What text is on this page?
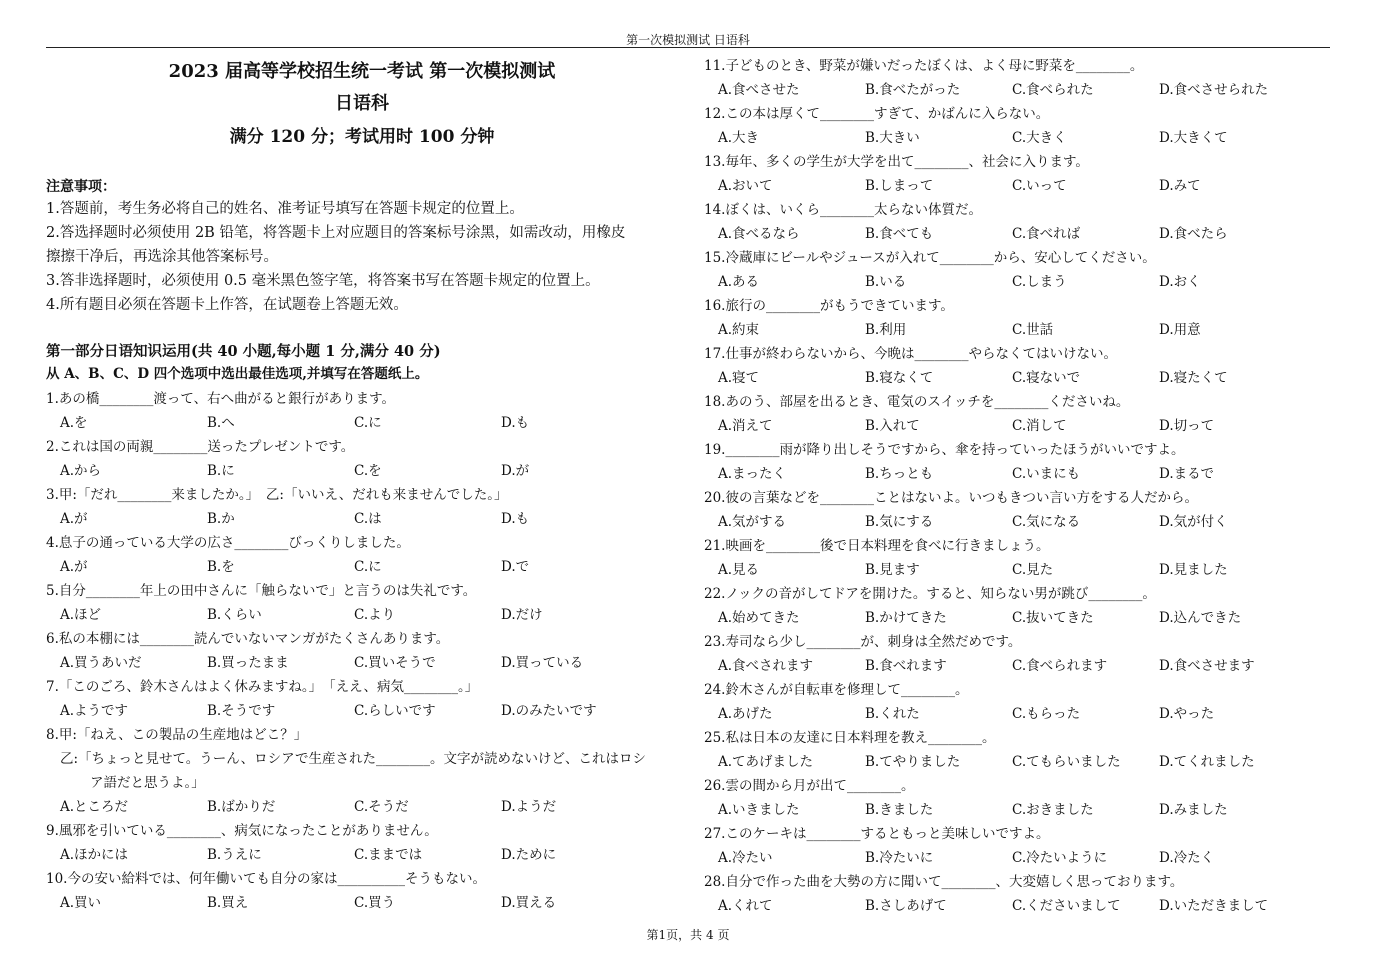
第一次模拟测试 日语科
2023 届高等学校招生统一考试 第一次模拟测试
日语科
满分 120 分；考试用时 100 分钟
注意事项：
1.答题前，考生务必将自己的姓名、准考证号填写在答题卡规定的位置上。
2.答选择题时必须使用 2B 铅笔，将答题卡上对应题目的答案标号涂黑，如需改动，用橡皮
擦擦干净后，再选涂其他答案标号。
3.答非选择题时，必须使用 0.5 毫米黑色签字笔，将答案书写在答题卡规定的位置上。
4.所有题目必须在答题卡上作答，在试题卷上答题无效。
第一部分日语知识运用(共 40 小题,每小题 1 分,满分 40 分)
从 A、B、C、D 四个选项中选出最佳选项,并填写在答题纸上。
1.あの橋________渡って、右へ曲がると銀行があります。
A.を	B.へ	C.に	D.も
2.これは国の両親________送ったプレゼントです。
A.から	B.に	C.を	D.が
3.甲:「だれ________来ましたか。」　乙:「いいえ、だれも来ませんでした。」
A.が	B.か	C.は	D.も
4.息子の通っている大学の広さ________びっくりしました。
A.が	B.を	C.に	D.で
5.自分________年上の田中さんに「触らないで」と言うのは失礼です。
A.ほど	B.くらい	C.より	D.だけ
6.私の本棚には________読んでいないマンガがたくさんあります。
A.買うあいだ	B.買ったまま	C.買いそうで	D.買っている
7.「このごろ、鈴木さんはよく休みますね。」　「ええ、病気________。」
A.ようです	B.そうです	C.らしいです	D.のみたいです
8.甲:「ねえ、この製品の生産地はどこ？」
乙:「ちょっと見せて。うーん、ロシアで生産された________。文字が読めないけど、これはロシ
ア語だと思うよ。」
A.ところだ	B.ばかりだ	C.そうだ	D.ようだ
9.風邪を引いている________、病気になったことがありません。
A.ほかには	B.うえに	C.ままでは	D.ために
10.今の安い給料では、何年働いても自分の家は__________そうもない。
A.買い	B.買え	C.買う	D.買える
11.子どものとき、野菜が嫌いだったぼくは、よく母に野菜を________。
A.食べさせた	B.食べたがった	C.食べられた	D.食べさせられた
12.この本は厚くて________すぎて、かばんに入らない。
A.大き	B.大きい	C.大きく	D.大きくて
13.毎年、多くの学生が大学を出て________、社会に入ります。
A.おいて	B.しまって	C.いって	D.みて
14.ぼくは、いくら________太らない体質だ。
A.食べるなら	B.食べても	C.食べれば	D.食べたら
15.冷蔵庫にビールやジュースが入れて________から、安心してください。
A.ある	B.いる	C.しまう	D.おく
16.旅行の________がもうできています。
A.約束	B.利用	C.世話	D.用意
17.仕事が終わらないから、今晩は________やらなくてはいけない。
A.寝て	B.寝なくて	C.寝ないで	D.寝たくて
18.あのう、部屋を出るとき、電気のスイッチを________くださいね。
A.消えて	B.入れて	C.消して	D.切って
19.________雨が降り出しそうですから、傘を持っていったほうがいいですよ。
A.まったく	B.ちっとも	C.いまにも	D.まるで
20.彼の言葉などを________ことはないよ。いつもきつい言い方をする人だから。
A.気がする	B.気にする	C.気になる	D.気が付く
21.映画を________後で日本料理を食べに行きましょう。
A.見る	B.見ます	C.見た	D.見ました
22.ノックの音がしてドアを開けた。すると、知らない男が跳び________。
A.始めてきた	B.かけてきた	C.抜いてきた	D.込んできた
23.寿司なら少し________が、刺身は全然だめです。
A.食べされます	B.食べれます	C.食べられます	D.食べさせます
24.鈴木さんが自転車を修理して________。
A.あげた	B.くれた	C.もらった	D.やった
25.私は日本の友達に日本料理を教え________。
A.てあげました	B.てやりました	C.てもらいました	D.てくれました
26.雲の間から月が出て________。
A.いきました	B.きました	C.おきました	D.みました
27.このケーキは________するともっと美味しいですよ。
A.冷たい	B.冷たいに	C.冷たいように	D.冷たく
28.自分で作った曲を大勢の方に聞いて________、大変嬉しく思っております。
A.くれて	B.さしあげて	C.くださいまして	D.いただきまして
第1页，共 4 页
